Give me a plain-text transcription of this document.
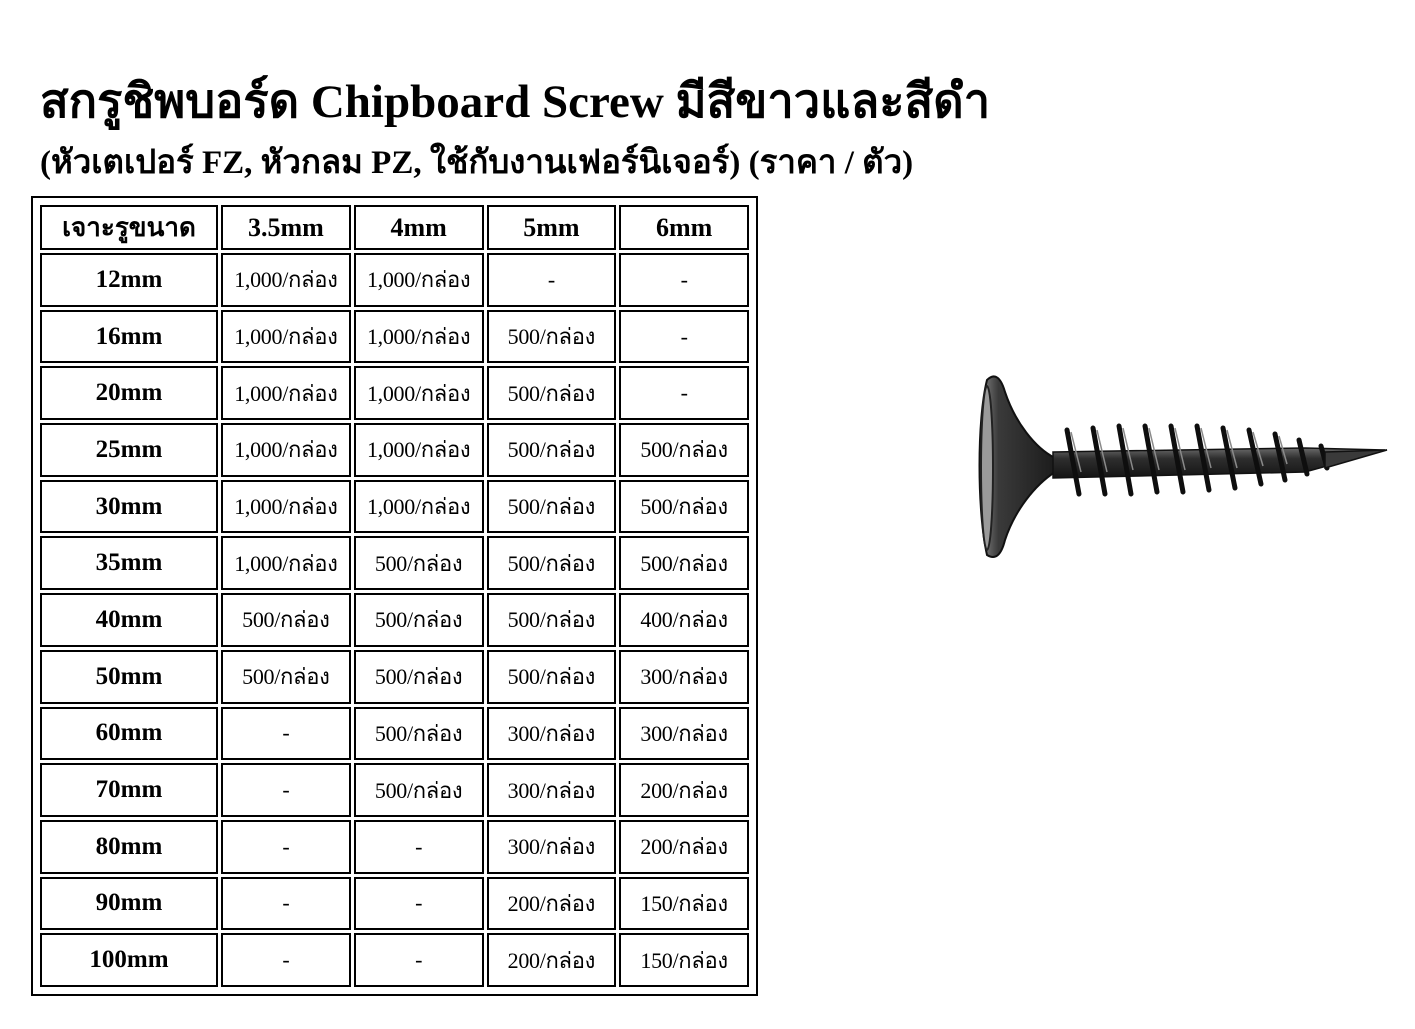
สกรูชิพบอร์ด Chipboard Screw มีสีขาวและสีดำ
(หัวเตเปอร์ FZ, หัวกลม PZ, ใช้กับงานเฟอร์นิเจอร์) (ราคา / ตัว)
เจาะรูขนาด	3.5mm	4mm	5mm	6mm
12mm	1,000/กล่อง	1,000/กล่อง	-	-
16mm	1,000/กล่อง	1,000/กล่อง	500/กล่อง	-
20mm	1,000/กล่อง	1,000/กล่อง	500/กล่อง	-
25mm	1,000/กล่อง	1,000/กล่อง	500/กล่อง	500/กล่อง
30mm	1,000/กล่อง	1,000/กล่อง	500/กล่อง	500/กล่อง
35mm	1,000/กล่อง	500/กล่อง	500/กล่อง	500/กล่อง
40mm	500/กล่อง	500/กล่อง	500/กล่อง	400/กล่อง
50mm	500/กล่อง	500/กล่อง	500/กล่อง	300/กล่อง
60mm	-	500/กล่อง	300/กล่อง	300/กล่อง
70mm	-	500/กล่อง	300/กล่อง	200/กล่อง
80mm	-	-	300/กล่อง	200/กล่อง
90mm	-	-	200/กล่อง	150/กล่อง
100mm	-	-	200/กล่อง	150/กล่อง
